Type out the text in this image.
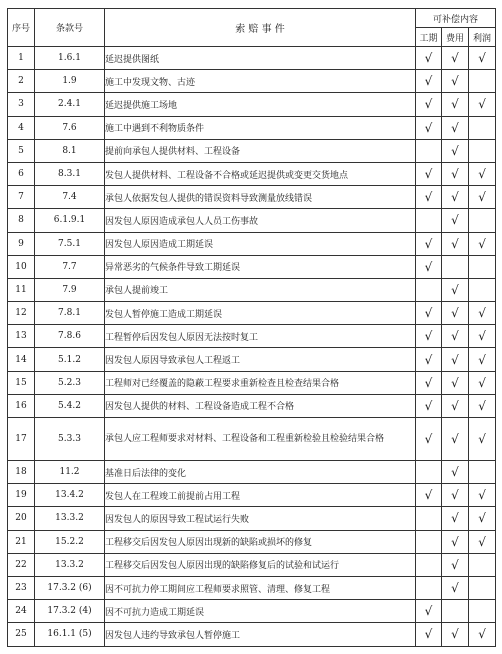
序号	条款号	索 赔 事 件	可补偿内容		
			工期	费用	利润
1	1.6.1	延迟提供图纸	√	√	√
2	1.9	施工中发现文物、古迹	√	√	
3	2.4.1	延迟提供施工场地	√	√	√
4	7.6	施工中遇到不利物质条件	√	√	
5	8.1	提前向承包人提供材料、工程设备		√	
6	8.3.1	发包人提供材料、工程设备不合格或延迟提供或变更交货地点	√	√	√
7	7.4	承包人依据发包人提供的错误资料导致测量放线错误	√	√	√
8	6.1.9.1	因发包人原因造成承包人人员工伤事故		√	
9	7.5.1	因发包人原因造成工期延误	√	√	√
10	7.7	异常恶劣的气候条件导致工期延误	√		
11	7.9	承包人提前竣工		√	
12	7.8.1	发包人暂停施工造成工期延误	√	√	√
13	7.8.6	工程暂停后因发包人原因无法按时复工	√	√	√
14	5.1.2	因发包人原因导致承包人工程返工	√	√	√
15	5.2.3	工程师对已经覆盖的隐蔽工程要求重新检查且检查结果合格	√	√	√
16	5.4.2	因发包人提供的材料、工程设备造成工程不合格	√	√	√
17	5.3.3	承包人应工程师要求对材料、工程设备和工程重新检验且检验结果合格	√	√	√
18	11.2	基准日后法律的变化		√	
19	13.4.2	发包人在工程竣工前提前占用工程	√	√	√
20	13.3.2	因发包人的原因导致工程试运行失败		√	√
21	15.2.2	工程移交后因发包人原因出现新的缺陷或损坏的修复		√	√
22	13.3.2	工程移交后因发包人原因出现的缺陷修复后的试验和试运行		√	
23	17.3.2 (6)	因不可抗力停工期间应工程师要求照管、清理、修复工程		√	
24	17.3.2 (4)	因不可抗力造成工期延误	√		
25	16.1.1 (5)	因发包人违约导致承包人暂停施工	√	√	√
